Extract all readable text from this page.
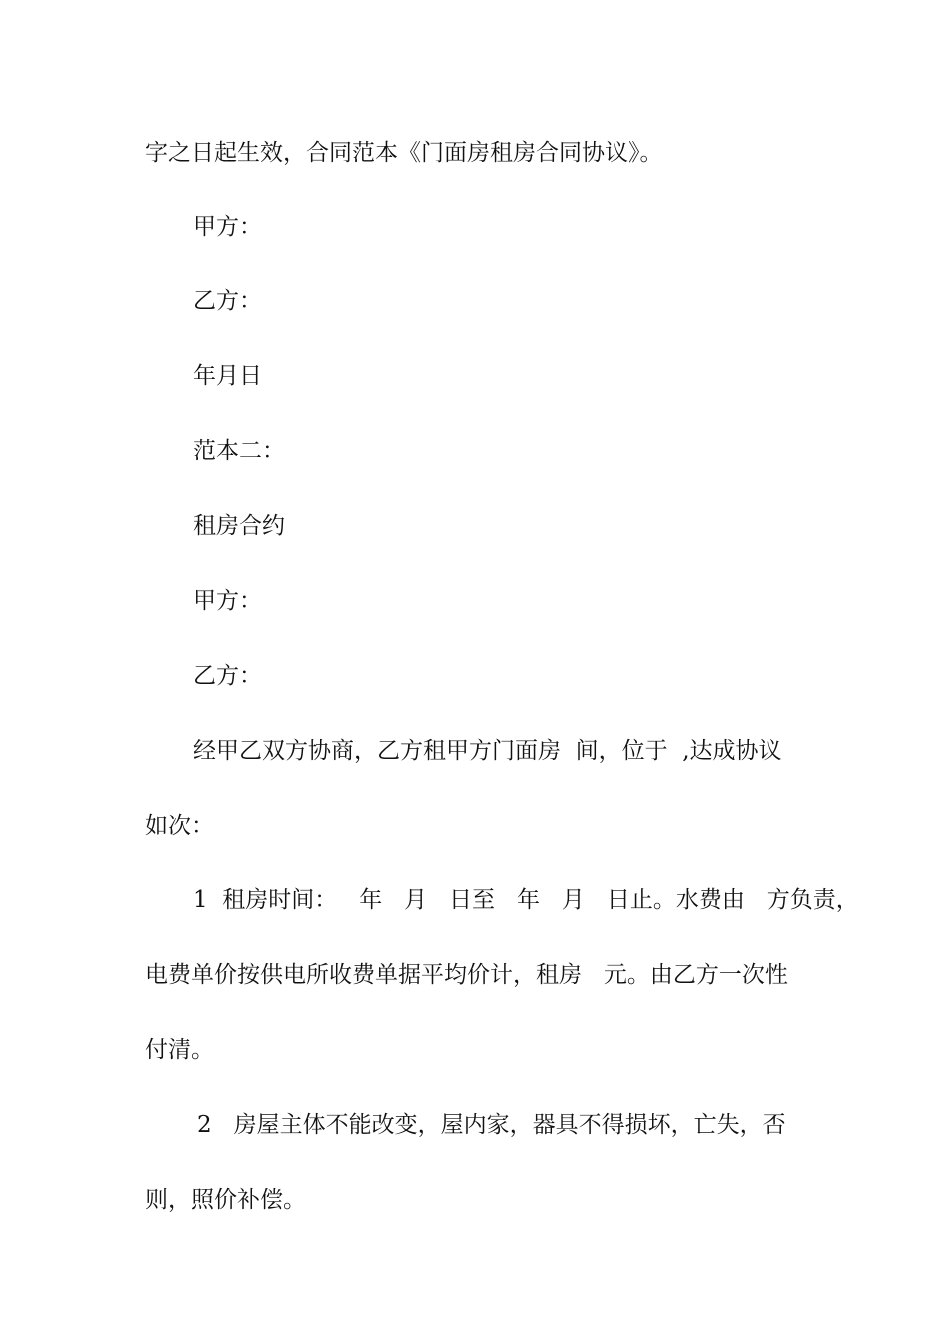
字之日起生效，合同范本《门面房租房合同协议》。
甲方：
乙方：
年月日
范本二：
租房合约
甲方：
乙方：
经甲乙双方协商，乙方租甲方门面房  间，位于  ,达成协议
如次：
1  租房时间：   年   月   日至   年   月   日止。水费由   方负责，
电费单价按供电所收费单据平均价计，租房   元。由乙方一次性
付清。
2   房屋主体不能改变，屋内家，器具不得损坏，亡失，否
则，照价补偿。
